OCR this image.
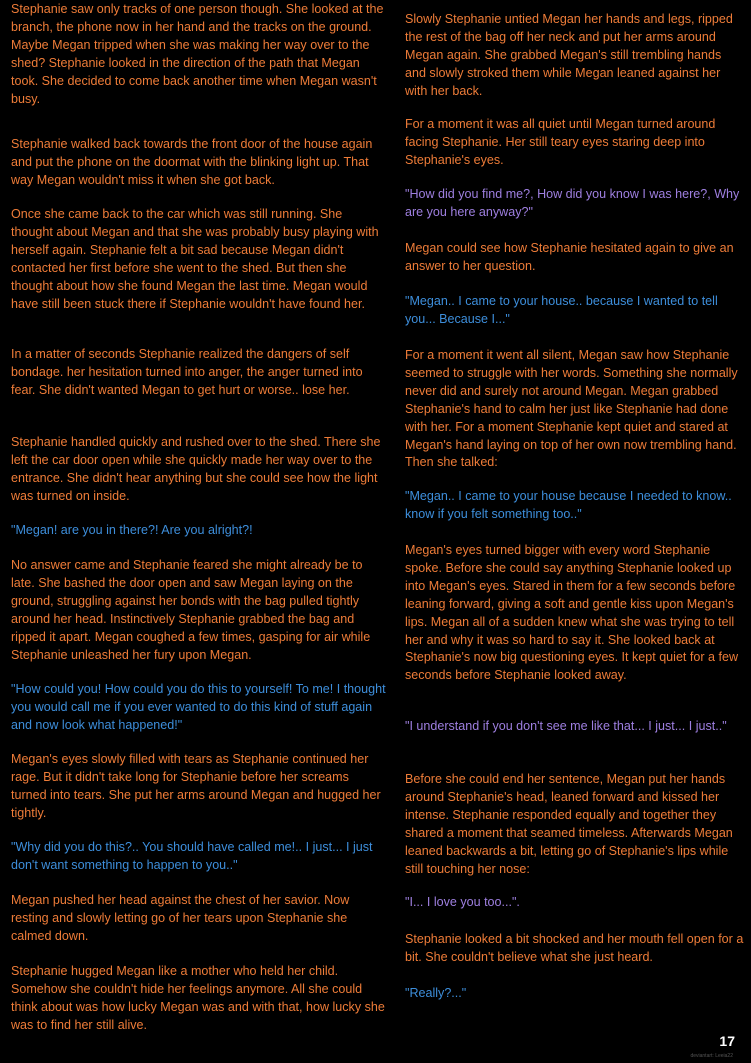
Stephanie saw only tracks of one person though. She looked at the branch, the phone now in her hand and the tracks on the ground. Maybe Megan tripped when she was making her way over to the shed? Stephanie looked in the direction of the path that Megan took. She decided to come back another time when Megan wasn't busy.

Stephanie walked back towards the front door of the house again and put the phone on the doormat with the blinking light up. That way Megan wouldn't miss it when she got back.

Once she came back to the car which was still running. She thought about Megan and that she was probably busy playing with herself again. Stephanie felt a bit sad because Megan didn't contacted her first before she went to the shed. But then she thought about how she found Megan the last time. Megan would have still been stuck there if Stephanie wouldn't have found her.

In a matter of seconds Stephanie realized the dangers of self bondage. her hesitation turned into anger, the anger turned into fear. She didn't wanted Megan to get hurt or worse.. lose her.

Stephanie handled quickly and rushed over to the shed. There she left the car door open while she quickly made her way over to the entrance. She didn't hear anything but she could see how the light was turned on inside.

"Megan! are you in there?! Are you alright?!

No answer came and Stephanie feared she might already be to late. She bashed the door open and saw Megan laying on the ground, struggling against her bonds with the bag pulled tightly around her head. Instinctively Stephanie grabbed the bag and ripped it apart. Megan coughed a few times, gasping for air while Stephanie unleashed her fury upon Megan.

"How could you! How could you do this to yourself! To me! I thought you would call me if you ever wanted to do this kind of stuff again and now look what happened!"

Megan's eyes slowly filled with tears as Stephanie continued her rage. But it didn't take long for Stephanie before her screams turned into tears. She put her arms around Megan and hugged her tightly.

"Why did you do this?.. You should have called me!.. I just... I just don't want something to happen to you.."

Megan pushed her head against the chest of her savior. Now resting and slowly letting go of her tears upon Stephanie she calmed down.

Stephanie hugged Megan like a mother who held her child. Somehow she couldn't hide her feelings anymore. All she could think about was how lucky Megan was and with that, how lucky she was to find her still alive.

Slowly Stephanie untied Megan her hands and legs, ripped the rest of the bag off her neck and put her arms around Megan again. She grabbed Megan's still trembling hands and slowly stroked them while Megan leaned against her with her back.

For a moment it was all quiet until Megan turned around facing Stephanie. Her still teary eyes staring deep into Stephanie's eyes.

"How did you find me?, How did you know I was here?, Why are you here anyway?"

Megan could see how Stephanie hesitated again to give an answer to her question.

"Megan.. I came to your house.. because I wanted to tell you... Because I..."

For a moment it went all silent, Megan saw how Stephanie seemed to struggle with her words. Something she normally never did and surely not around Megan. Megan grabbed Stephanie's hand to calm her just like Stephanie had done with her. For a moment Stephanie kept quiet and stared at Megan's hand laying on top of her own now trembling hand. Then she talked:

"Megan.. I came to your house because I needed to know.. know if you felt something too.."

Megan's eyes turned bigger with every word Stephanie spoke. Before she could say anything Stephanie looked up into Megan's eyes. Stared in them for a few seconds before leaning forward, giving a soft and gentle kiss upon Megan's lips. Megan all of a sudden knew what she was trying to tell her and why it was so hard to say it. She looked back at Stephanie's now big questioning eyes. It kept quiet for a few seconds before Stephanie looked away.

"I understand if you don't see me like that... I just... I just.."

Before she could end her sentence, Megan put her hands around Stephanie's head, leaned forward and kissed her intense. Stephanie responded equally and together they shared a moment that seamed timeless. Afterwards Megan leaned backwards a bit, letting go of Stephanie's lips while still touching her nose:

"I... I love you too...".

Stephanie looked a bit shocked and her mouth fell open for a bit. She couldn't believe what she just heard.

"Really?..."

17
deviantart: Leeia22
